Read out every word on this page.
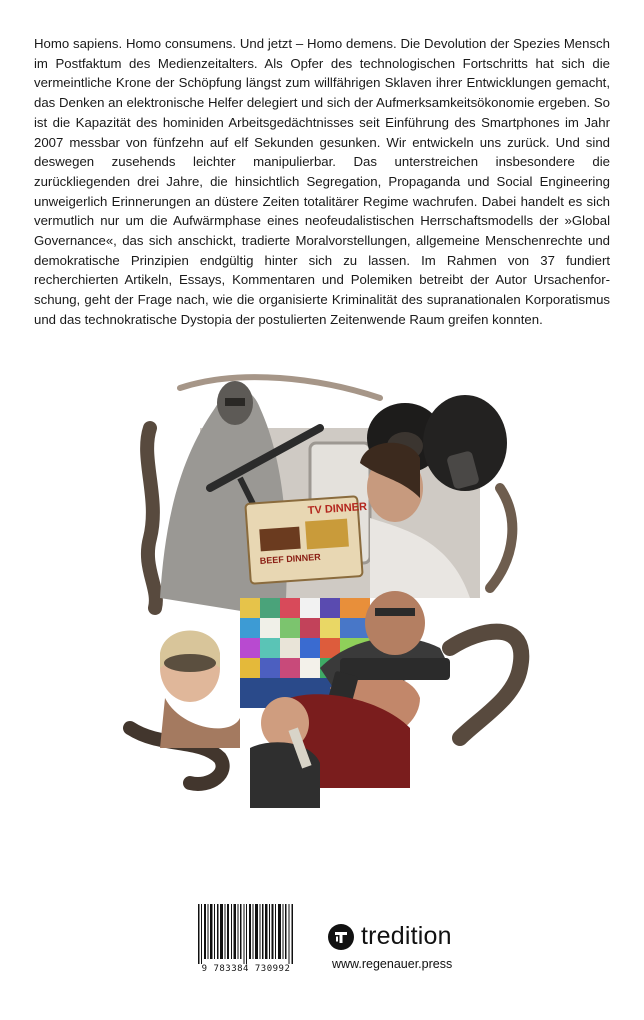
Homo sapiens. Homo consumens. Und jetzt – Homo demens. Die Devolution der Spezies Mensch im Postfaktum des Medienzeitalters. Als Opfer des technologischen Fortschritts hat sich die vermeintliche Krone der Schöpfung längst zum willfährigen Sklaven ihrer Entwicklungen gemacht, das Denken an elektronische Helfer delegiert und sich der Aufmerksamkeitsökonomie ergeben. So ist die Kapazität des hominiden Arbeitsgedächtnisses seit Einführung des Smartphones im Jahr 2007 messbar von fünfzehn auf elf Sekunden gesunken. Wir entwickeln uns zurück. Und sind deswegen zusehends leichter manipulierbar. Das unterstreichen insbesondere die zurückliegenden drei Jahre, die hinsichtlich Segregation, Propaganda und Social Engineering unweigerlich Erinnerungen an düstere Zeiten totalitärer Regime wachrufen. Dabei handelt es sich vermutlich nur um die Aufwärmphase eines neofeudalistischen Herrschaftsmodells der »Global Governance«, das sich anschickt, tradierte Moralvorstellungen, allgemeine Menschenrechte und demokratische Prinzipien endgültig hinter sich zu lassen. Im Rahmen von 37 fundiert recherchierten Artikeln, Essays, Kommentaren und Polemiken betreibt der Autor Ursachenforschung, geht der Frage nach, wie die organisierte Kriminalität des supranationalen Korporatismus und das technokratische Dystopia der postulierten Zeitenwende Raum greifen konnten.

TV DINNER
BEEF DINNER
9 783384 730992
tredition
www.regenauer.press
